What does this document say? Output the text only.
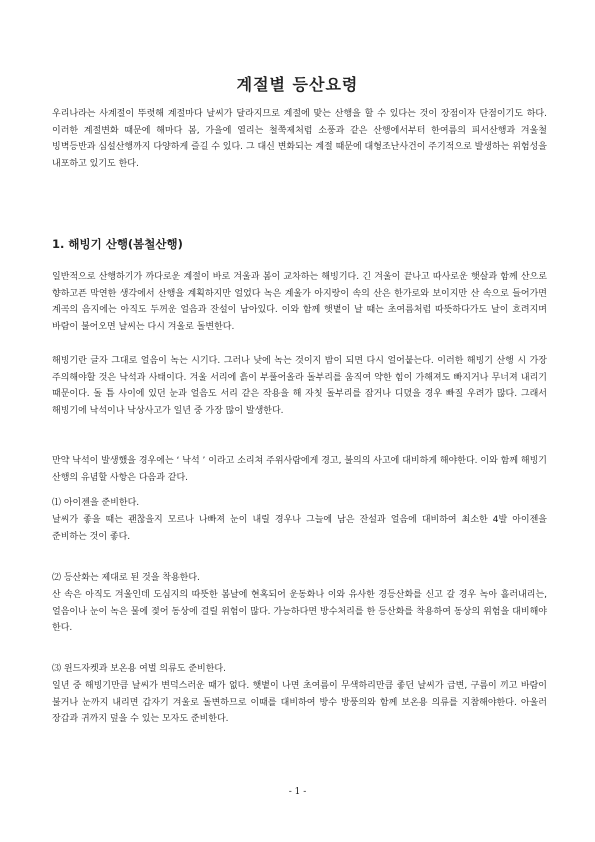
계절별 등산요령
우리나라는 사계절이 뚜렷해 계절마다 날씨가 달라지므로 계절에 맞는 산행을 할 수 있다는 것이 장점이자 단점이기도 하다. 이러한 계절변화 때문에 해마다 봄, 가을에 열리는 철쭉제처럼 소풍과 같은 산행에서부터 한여름의 피서산행과 겨울철 빙벽등반과 심설산행까지 다양하게 즐길 수 있다. 그 대신 변화되는 계절 때문에 대형조난사건이 주기적으로 발생하는 위험성을 내포하고 있기도 한다.
1. 해빙기 산행(봄철산행)
일반적으로 산행하기가 까다로운 계절이 바로 겨울과 봄이 교차하는 해빙기다. 긴 겨울이 끝나고 따사로운 햇살과 함께 산으로 향하고픈 막연한 생각에서 산행을 계획하지만 얼었다 녹은 계울가 아지랑이 속의 산은 한가로와 보이지만 산 속으로 들어가면 계곡의 음지에는 아직도 두꺼운 얼음과 잔설이 남아있다. 이와 함께 햇볕이 날 때는 초여름처럼 따뜻하다가도 날이 흐려지며 바람이 불어오면 날씨는 다시 겨울로 돌변한다.
해빙기란 글자 그대로 얼음이 녹는 시기다. 그러나 낮에 녹는 것이지 밤이 되면 다시 얼어붙는다. 이러한 해빙기 산행 시 가장 주의해야할 것은 낙석과 사태이다. 겨울 서리에 흙이 부풀어올라 돌부리를 움직여 약한 힘이 가해져도 빠지거나 무너져 내리기 때문이다. 돌 틈 사이에 있던 눈과 얼음도 서리 같은 작용을 해 자칫 돌부리를 잡거나 디뎠을 경우 빠질 우려가 많다. 그래서 해빙기에 낙석이나 낙상사고가 일년 중 가장 많이 발생한다.
만약 낙석이 발생했을 경우에는 ‘ 낙석 ’ 이라고 소리쳐 주위사람에게 경고, 불의의 사고에 대비하게 해야한다. 이와 함께 해빙기 산행의 유념할 사항은 다음과 같다.
⑴ 아이젠을 준비한다.
날씨가 좋을 때는 괜찮을지 모르나 나빠져 눈이 내릴 경우나 그늘에 남은 잔설과 얼음에 대비하여 최소한 4발 아이젠을 준비하는 것이 좋다.
⑵ 등산화는 제대로 된 것을 착용한다.
산 속은 아직도 겨울인데 도심지의 따뜻한 봄날에 현혹되어 운동화나 이와 유사한 경등산화를 신고 갈 경우 녹아 흘러내리는, 얼음이나 눈이 녹은 물에 젖어 동상에 걸릴 위험이 많다. 가능하다면 방수처리를 한 등산화를 착용하여 동상의 위험을 대비해야 한다.
⑶ 윈드자켓과 보온용 여벌 의류도 준비한다.
일년 중 해빙기만큼 날씨가 변덕스러운 때가 없다. 햇볕이 나면 초여름이 무색하리만큼 좋던 날씨가 급변, 구름이 끼고 바람이 불거나 눈까지 내리면 갑자기 겨울로 돌변하므로 이때를 대비하여 방수 방풍의와 함께 보온용 의류를 지참해야한다. 아울러 장갑과 귀까지 덮을 수 있는 모자도 준비한다.
- 1 -
